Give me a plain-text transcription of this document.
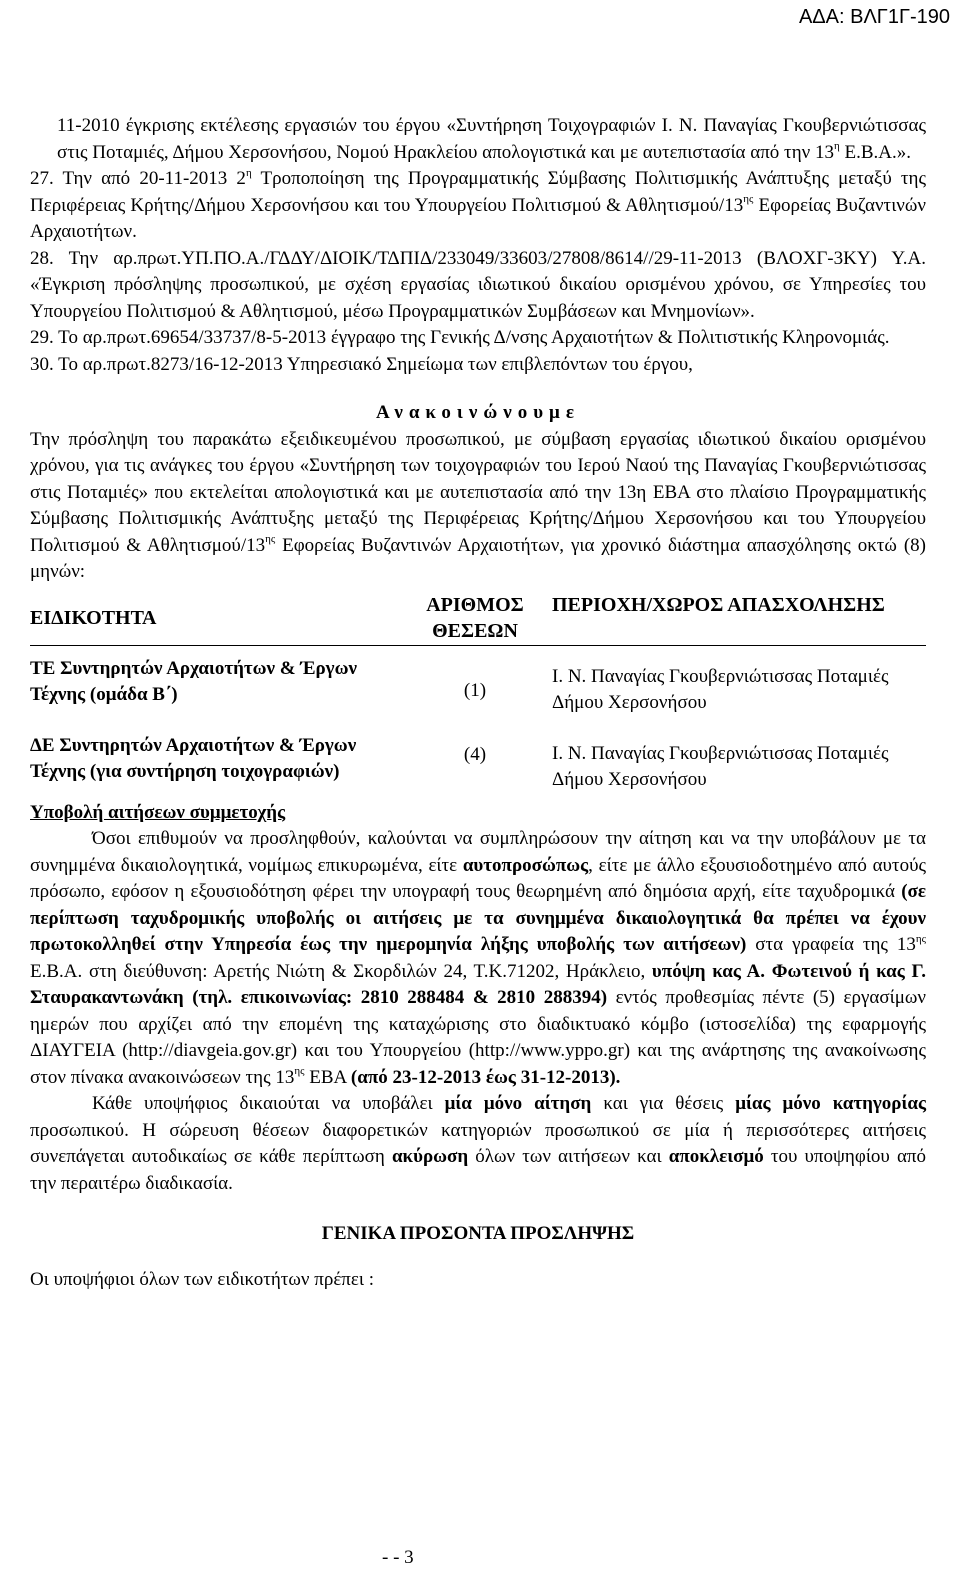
ΑΔΑ: ΒΛΓ1Γ-190

11-2010 έγκρισης εκτέλεσης εργασιών του έργου «Συντήρηση Τοιχογραφιών Ι. Ν. Παναγίας Γκουβερνιώτισσας στις Ποταμιές, Δήμου Χερσονήσου, Νομού Ηρακλείου απολογιστικά και με αυτεπιστασία από την $13^\eta$ Ε.Β.Α.».

27. Την από 20-11-2013 $2^\eta$ Τροποποίηση της Προγραμματικής Σύμβασης Πολιτισμικής Ανάπτυξης μεταξύ της Περιφέρειας Κρήτης/Δήμου Χερσονήσου και του Υπουργείου Πολιτισμού & Αθλητισμού/$13^{\eta\varsigma}$ Εφορείας Βυζαντινών Αρχαιοτήτων.

28. Την αρ.πρωτ.ΥΠ.ΠΟ.Α./ΓΔΔΥ/ΔΙΟΙΚ/ΤΔΠΙΔ/233049/33603/27808/8614//29-11-2013 (ΒΛΟΧΓ-3ΚΥ) Υ.Α. «Έγκριση πρόσληψης προσωπικού, με σχέση εργασίας ιδιωτικού δικαίου ορισμένου χρόνου, σε Υπηρεσίες του Υπουργείου Πολιτισμού & Αθλητισμού, μέσω Προγραμματικών Συμβάσεων και Μνημονίων».

29. Το αρ.πρωτ.69654/33737/8-5-2013 έγγραφο της Γενικής Δ/νσης Αρχαιοτήτων & Πολιτιστικής Κληρονομιάς.

30. Το αρ.πρωτ.8273/16-12-2013 Υπηρεσιακό Σημείωμα των επιβλεπόντων του έργου,

Ανακοινώνουμε

Την πρόσληψη του παρακάτω εξειδικευμένου προσωπικού, με σύμβαση εργασίας ιδιωτικού δικαίου ορισμένου χρόνου, για τις ανάγκες του έργου «Συντήρηση των τοιχογραφιών του Ιερού Ναού της Παναγίας Γκουβερνιώτισσας στις Ποταμιές» που εκτελείται απολογιστικά και με αυτεπιστασία από την 13η ΕΒΑ στο πλαίσιο Προγραμματικής Σύμβασης Πολιτισμικής Ανάπτυξης μεταξύ της Περιφέρειας Κρήτης/Δήμου Χερσονήσου και του Υπουργείου Πολιτισμού & Αθλητισμού/$13^{\eta\varsigma}$ Εφορείας Βυζαντινών Αρχαιοτήτων, για χρονικό διάστημα απασχόλησης οκτώ (8) μηνών:

ΕΙΔΙΚΟΤΗΤΑ	ΑΡΙΘΜΟΣ ΘΕΣΕΩΝ	ΠΕΡΙΟΧΗ/ΧΩΡΟΣ ΑΠΑΣΧΟΛΗΣΗΣ
ΤΕ Συντηρητών Αρχαιοτήτων & Έργων Τέχνης (ομάδα Β΄)	(1)	Ι. Ν. Παναγίας Γκουβερνιώτισσας Ποταμιές Δήμου Χερσονήσου
ΔΕ Συντηρητών Αρχαιοτήτων & Έργων Τέχνης (για συντήρηση τοιχογραφιών)	(4)	Ι. Ν. Παναγίας Γκουβερνιώτισσας Ποταμιές Δήμου Χερσονήσου

Υποβολή αιτήσεων συμμετοχής

Όσοι επιθυμούν να προσληφθούν, καλούνται να συμπληρώσουν την αίτηση και να την υποβάλουν με τα συνημμένα δικαιολογητικά, νομίμως επικυρωμένα, είτε αυτοπροσώπως, είτε με άλλο εξουσιοδοτημένο από αυτούς πρόσωπο, εφόσον η εξουσιοδότηση φέρει την υπογραφή τους θεωρημένη από δημόσια αρχή, είτε ταχυδρομικά (σε περίπτωση ταχυδρομικής υποβολής οι αιτήσεις με τα συνημμένα δικαιολογητικά θα πρέπει να έχουν πρωτοκολληθεί στην Υπηρεσία έως την ημερομηνία λήξης υποβολής των αιτήσεων) στα γραφεία της $13^{\eta\varsigma}$ Ε.Β.Α. στη διεύθυνση: Αρετής Νιώτη & Σκορδιλών 24, Τ.Κ.71202, Ηράκλειο, υπόψη κας Α. Φωτεινού ή κας Γ. Σταυρακαντωνάκη (τηλ. επικοινωνίας: 2810 288484 & 2810 288394) εντός προθεσμίας πέντε (5) εργασίμων ημερών που αρχίζει από την επομένη της καταχώρισης στο διαδικτυακό κόμβο (ιστοσελίδα) της εφαρμογής ΔΙΑΥΓΕΙΑ (http://diavgeia.gov.gr) και του Υπουργείου (http://www.yppo.gr) και της ανάρτησης της ανακοίνωσης στον πίνακα ανακοινώσεων της $13^{\eta\varsigma}$ ΕΒΑ (από 23-12-2013 έως 31-12-2013).

Κάθε υποψήφιος δικαιούται να υποβάλει μία μόνο αίτηση και για θέσεις μίας μόνο κατηγορίας προσωπικού. Η σώρευση θέσεων διαφορετικών κατηγοριών προσωπικού σε μία ή περισσότερες αιτήσεις συνεπάγεται αυτοδικαίως σε κάθε περίπτωση ακύρωση όλων των αιτήσεων και αποκλεισμό του υποψηφίου από την περαιτέρω διαδικασία.

ΓΕΝΙΚΑ ΠΡΟΣΟΝΤΑ ΠΡΟΣΛΗΨΗΣ

Οι υποψήφιοι όλων των ειδικοτήτων πρέπει :

- - 3
